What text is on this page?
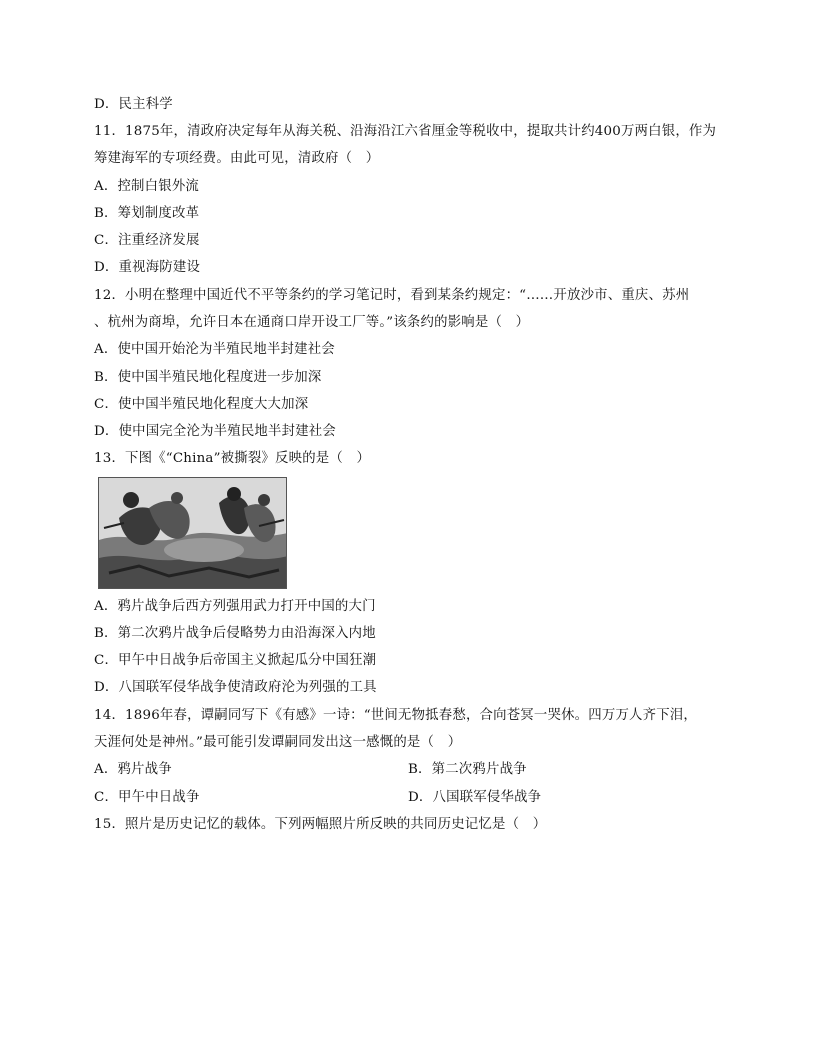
D．民主科学
11．1875年，清政府决定每年从海关税、沿海沿江六省厘金等税收中，提取共计约400万两白银，作为
筹建海军的专项经费。由此可见，清政府（　）
A．控制白银外流
B．筹划制度改革
C．注重经济发展
D．重视海防建设
12．小明在整理中国近代不平等条约的学习笔记时，看到某条约规定：“……开放沙市、重庆、苏州
、杭州为商埠，允许日本在通商口岸开设工厂等。”该条约的影响是（　）
A．使中国开始沦为半殖民地半封建社会
B．使中国半殖民地化程度进一步加深
C．使中国半殖民地化程度大大加深
D．使中国完全沦为半殖民地半封建社会
13．下图《“China”被撕裂》反映的是（　）
A．鸦片战争后西方列强用武力打开中国的大门
B．第二次鸦片战争后侵略势力由沿海深入内地
C．甲午中日战争后帝国主义掀起瓜分中国狂潮
D．八国联军侵华战争使清政府沦为列强的工具
14．1896年春，谭嗣同写下《有感》一诗：“世间无物抵春愁，合向苍冥一哭休。四万万人齐下泪，
天涯何处是神州。”最可能引发谭嗣同发出这一感慨的是（　）
A．鸦片战争	B．第二次鸦片战争
C．甲午中日战争	D．八国联军侵华战争
15．照片是历史记忆的载体。下列两幅照片所反映的共同历史记忆是（　）
